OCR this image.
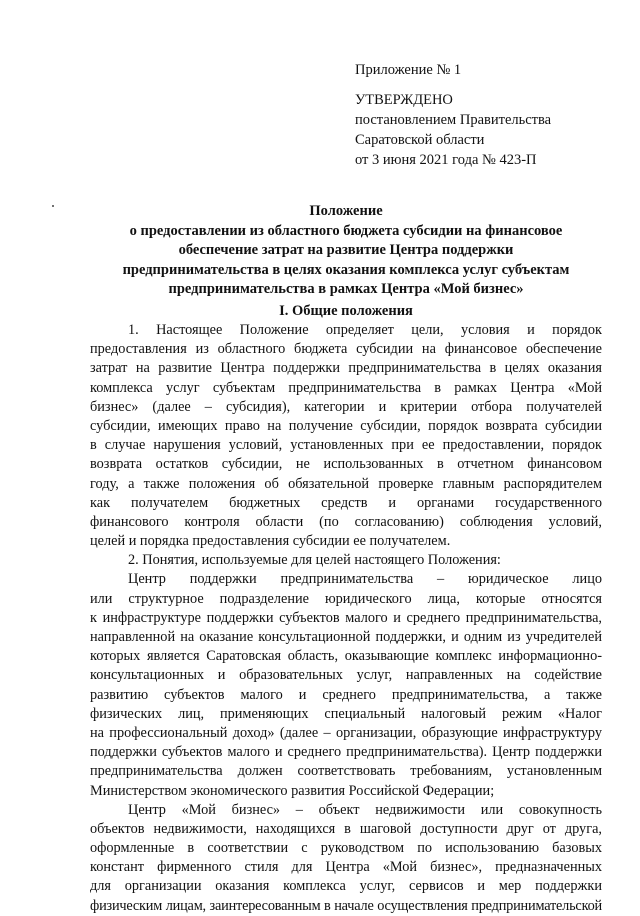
Приложение № 1
УТВЕРЖДЕНО
постановлением Правительства
Саратовской области
от 3 июня 2021 года № 423-П
Положение
о предоставлении из областного бюджета субсидии на финансовое
обеспечение затрат на развитие Центра поддержки
предпринимательства в целях оказания комплекса услуг субъектам
предпринимательства в рамках Центра «Мой бизнес»
I. Общие положения
1. Настоящее Положение определяет цели, условия и порядок
предоставления из областного бюджета субсидии на финансовое обеспечение
затрат на развитие Центра поддержки предпринимательства в целях оказания
комплекса услуг субъектам предпринимательства в рамках Центра «Мой
бизнес» (далее – субсидия), категории и критерии отбора получателей
субсидии, имеющих право на получение субсидии, порядок возврата субсидии
в случае нарушения условий, установленных при ее предоставлении, порядок
возврата остатков субсидии, не использованных в отчетном финансовом
году, а также положения об обязательной проверке главным распорядителем
как получателем бюджетных средств и органами государственного
финансового контроля области (по согласованию) соблюдения условий,
целей и порядка предоставления субсидии ее получателем.
2. Понятия, используемые для целей настоящего Положения:
Центр поддержки предпринимательства – юридическое лицо
или структурное подразделение юридического лица, которые относятся
к инфраструктуре поддержки субъектов малого и среднего предпринимательства,
направленной на оказание консультационной поддержки, и одним из учредителей
которых является Саратовская область, оказывающие комплекс информационно-
консультационных и образовательных услуг, направленных на содействие
развитию субъектов малого и среднего предпринимательства, а также
физических лиц, применяющих специальный налоговый режим «Налог
на профессиональный доход» (далее – организации, образующие инфраструктуру
поддержки субъектов малого и среднего предпринимательства). Центр поддержки
предпринимательства должен соответствовать требованиям, установленным
Министерством экономического развития Российской Федерации;
Центр «Мой бизнес» – объект недвижимости или совокупность
объектов недвижимости, находящихся в шаговой доступности друг от друга,
оформленные в соответствии с руководством по использованию базовых
констант фирменного стиля для Центра «Мой бизнес», предназначенных
для организации оказания комплекса услуг, сервисов и мер поддержки
физическим лицам, заинтересованным в начале осуществления предпринимательской
